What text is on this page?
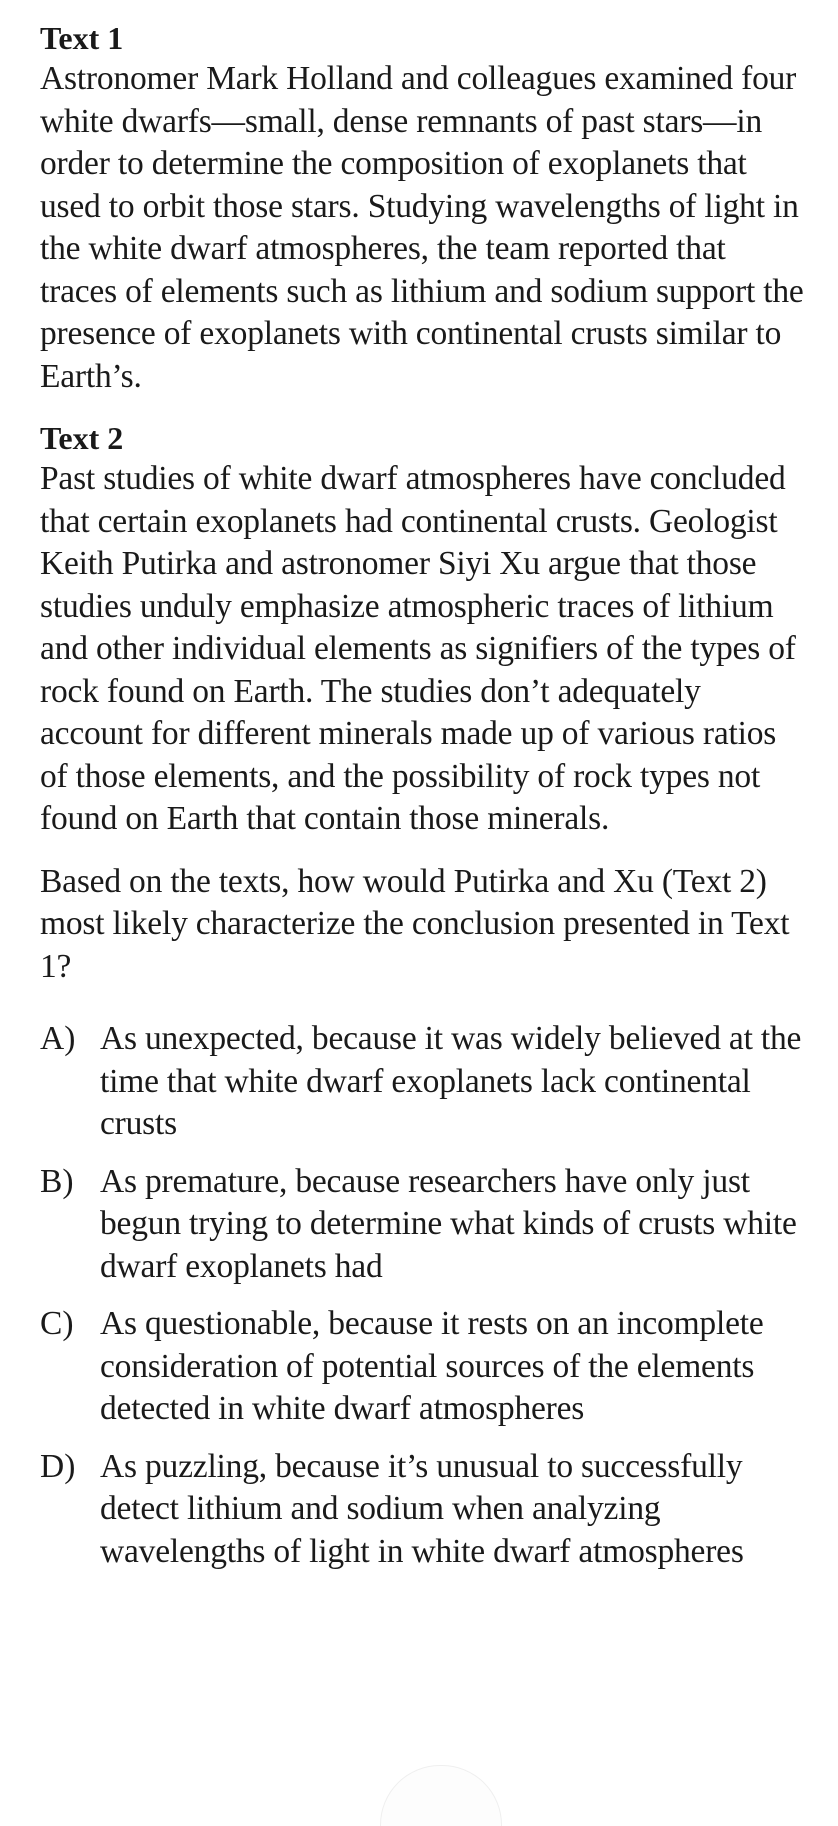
Text 1

Astronomer Mark Holland and colleagues examined four white dwarfs—small, dense remnants of past stars—in order to determine the composition of exoplanets that used to orbit those stars. Studying wavelengths of light in the white dwarf atmospheres, the team reported that traces of elements such as lithium and sodium support the presence of exoplanets with continental crusts similar to Earth’s.

Text 2

Past studies of white dwarf atmospheres have concluded that certain exoplanets had continental crusts. Geologist Keith Putirka and astronomer Siyi Xu argue that those studies unduly emphasize atmospheric traces of lithium and other individual elements as signifiers of the types of rock found on Earth. The studies don’t adequately account for different minerals made up of various ratios of those elements, and the possibility of rock types not found on Earth that contain those minerals.

Based on the texts, how would Putirka and Xu (Text 2) most likely characterize the conclusion presented in Text 1?

A) As unexpected, because it was widely believed at the time that white dwarf exoplanets lack continental crusts
B) As premature, because researchers have only just begun trying to determine what kinds of crusts white dwarf exoplanets had
C) As questionable, because it rests on an incomplete consideration of potential sources of the elements detected in white dwarf atmospheres
D) As puzzling, because it’s unusual to successfully detect lithium and sodium when analyzing wavelengths of light in white dwarf atmospheres
